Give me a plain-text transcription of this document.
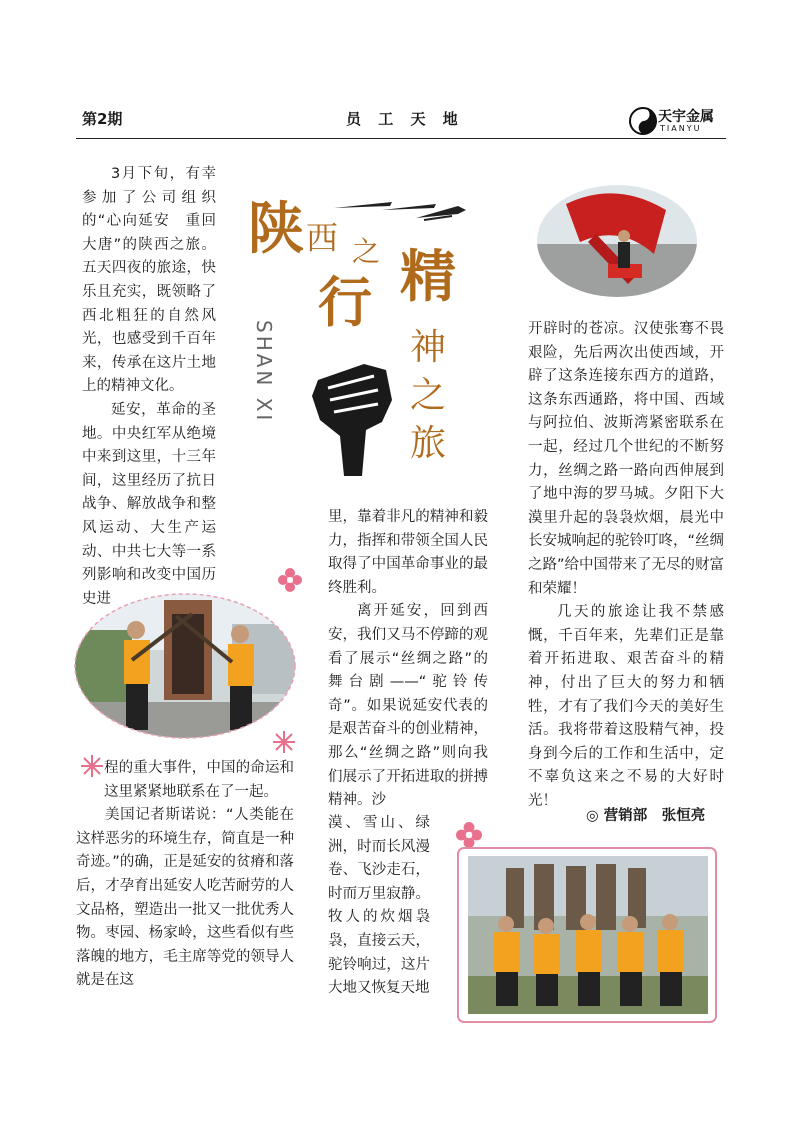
第2期	员 工 天 地	天宇金属
TIANYU
陕 西 之
行 精
神
之
旅
SHAN XI

3月下旬，有幸参加了公司组织的“心向延安　重回大唐”的陕西之旅。五天四夜的旅途，快乐且充实，既领略了西北粗狂的自然风光，也感受到千百年来，传承在这片土地上的精神文化。

延安，革命的圣地。中央红军从绝境中来到这里，十三年间，这里经历了抗日战争、解放战争和整风运动、大生产运动、中共七大等一系列影响和改变中国历史进

程的重大事件，中国的命运和这里紧紧地联系在了一起。

美国记者斯诺说：“人类能在这样恶劣的环境生存，简直是一种奇迹。”的确，正是延安的贫瘠和落后，才孕育出延安人吃苦耐劳的人文品格，塑造出一批又一批优秀人物。枣园、杨家岭，这些看似有些落魄的地方，毛主席等党的领导人就是在这

里，靠着非凡的精神和毅力，指挥和带领全国人民取得了中国革命事业的最终胜利。

离开延安，回到西安，我们又马不停蹄的观看了展示“丝绸之路”的舞台剧——“驼铃传奇”。如果说延安代表的是艰苦奋斗的创业精神，那么“丝绸之路”则向我们展示了开拓进取的拼搏精神。沙

漠、雪山、绿洲，时而长风漫卷、飞沙走石，时而万里寂静。牧人的炊烟袅袅，直接云天，驼铃响过，这片大地又恢复天地

开辟时的苍凉。汉使张骞不畏艰险，先后两次出使西域，开辟了这条连接东西方的道路，这条东西通路，将中国、西域与阿拉伯、波斯湾紧密联系在一起，经过几个世纪的不断努力，丝绸之路一路向西伸展到了地中海的罗马城。夕阳下大漠里升起的袅袅炊烟，晨光中长安城响起的驼铃叮咚，“丝绸之路”给中国带来了无尽的财富和荣耀！

几天的旅途让我不禁感慨，千百年来，先辈们正是靠着开拓进取、艰苦奋斗的精神，付出了巨大的努力和牺牲，才有了我们今天的美好生活。我将带着这股精气神，投身到今后的工作和生活中，定不辜负这来之不易的大好时光！

◎ 营销部　张恒亮
